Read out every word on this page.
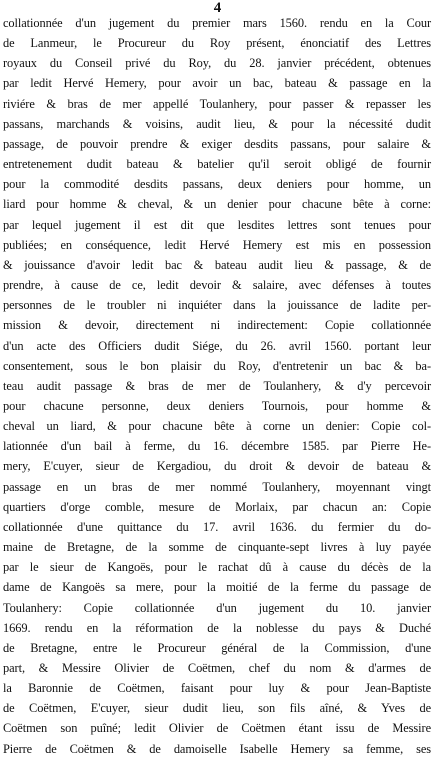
4
collationnée d'un jugement du premier mars 1560. rendu en la Cour
de Lanmeur, le Procureur du Roy présent, énonciatif des Lettres
royaux du Conseil privé du Roy, du 28. janvier précédent, obtenues
par ledit Hervé Hemery, pour avoir un bac, bateau & passage en la
riviére & bras de mer appellé Toulanhery, pour passer & repasser les
passans, marchands & voisins, audit lieu, & pour la nécessité dudit
passage, de pouvoir prendre & exiger desdits passans, pour salaire &
entretenement dudit bateau & batelier qu'il seroit obligé de fournir
pour la commodité desdits passans, deux deniers pour homme, un
liard pour homme & cheval, & un denier pour chacune bête à corne:
par lequel jugement il est dit que lesdites lettres sont tenues pour
publiées; en conséquence, ledit Hervé Hemery est mis en possession
& jouissance d'avoir ledit bac & bateau audit lieu & passage, & de
prendre, à cause de ce, ledit devoir & salaire, avec défenses à toutes
personnes de le troubler ni inquiéter dans la jouissance de ladite per-
mission & devoir, directement ni indirectement: Copie collationnée
d'un acte des Officiers dudit Siége, du 26. avril 1560. portant leur
consentement, sous le bon plaisir du Roy, d'entretenir un bac & ba-
teau audit passage & bras de mer de Toulanhery, & d'y percevoir
pour chacune personne, deux deniers Tournois, pour homme &
cheval un liard, & pour chacune bête à corne un denier: Copie col-
lationnée d'un bail à ferme, du 16. décembre 1585. par Pierre He-
mery, E'cuyer, sieur de Kergadiou, du droit & devoir de bateau &
passage en un bras de mer nommé Toulanhery, moyennant vingt
quartiers d'orge comble, mesure de Morlaix, par chacun an: Copie
collationnée d'une quittance du 17. avril 1636. du fermier du do-
maine de Bretagne, de la somme de cinquante-sept livres à luy payée
par le sieur de Kangoës, pour le rachat dû à cause du décès de la
dame de Kangoës sa mere, pour la moitié de la ferme du passage de
Toulanhery: Copie collationnée d'un jugement du 10. janvier
1669. rendu en la réformation de la noblesse du pays & Duché
de Bretagne, entre le Procureur général de la Commission, d'une
part, & Messire Olivier de Coëtmen, chef du nom & d'armes de
la Baronnie de Coëtmen, faisant pour luy & pour Jean-Baptiste
de Coëtmen, E'cuyer, sieur dudit lieu, son fils aîné, & Yves de
Coëtmen son puîné; ledit Olivier de Coëtmen étant issu de Messire
Pierre de Coëtmen & de damoiselle Isabelle Hemery sa femme, ses
